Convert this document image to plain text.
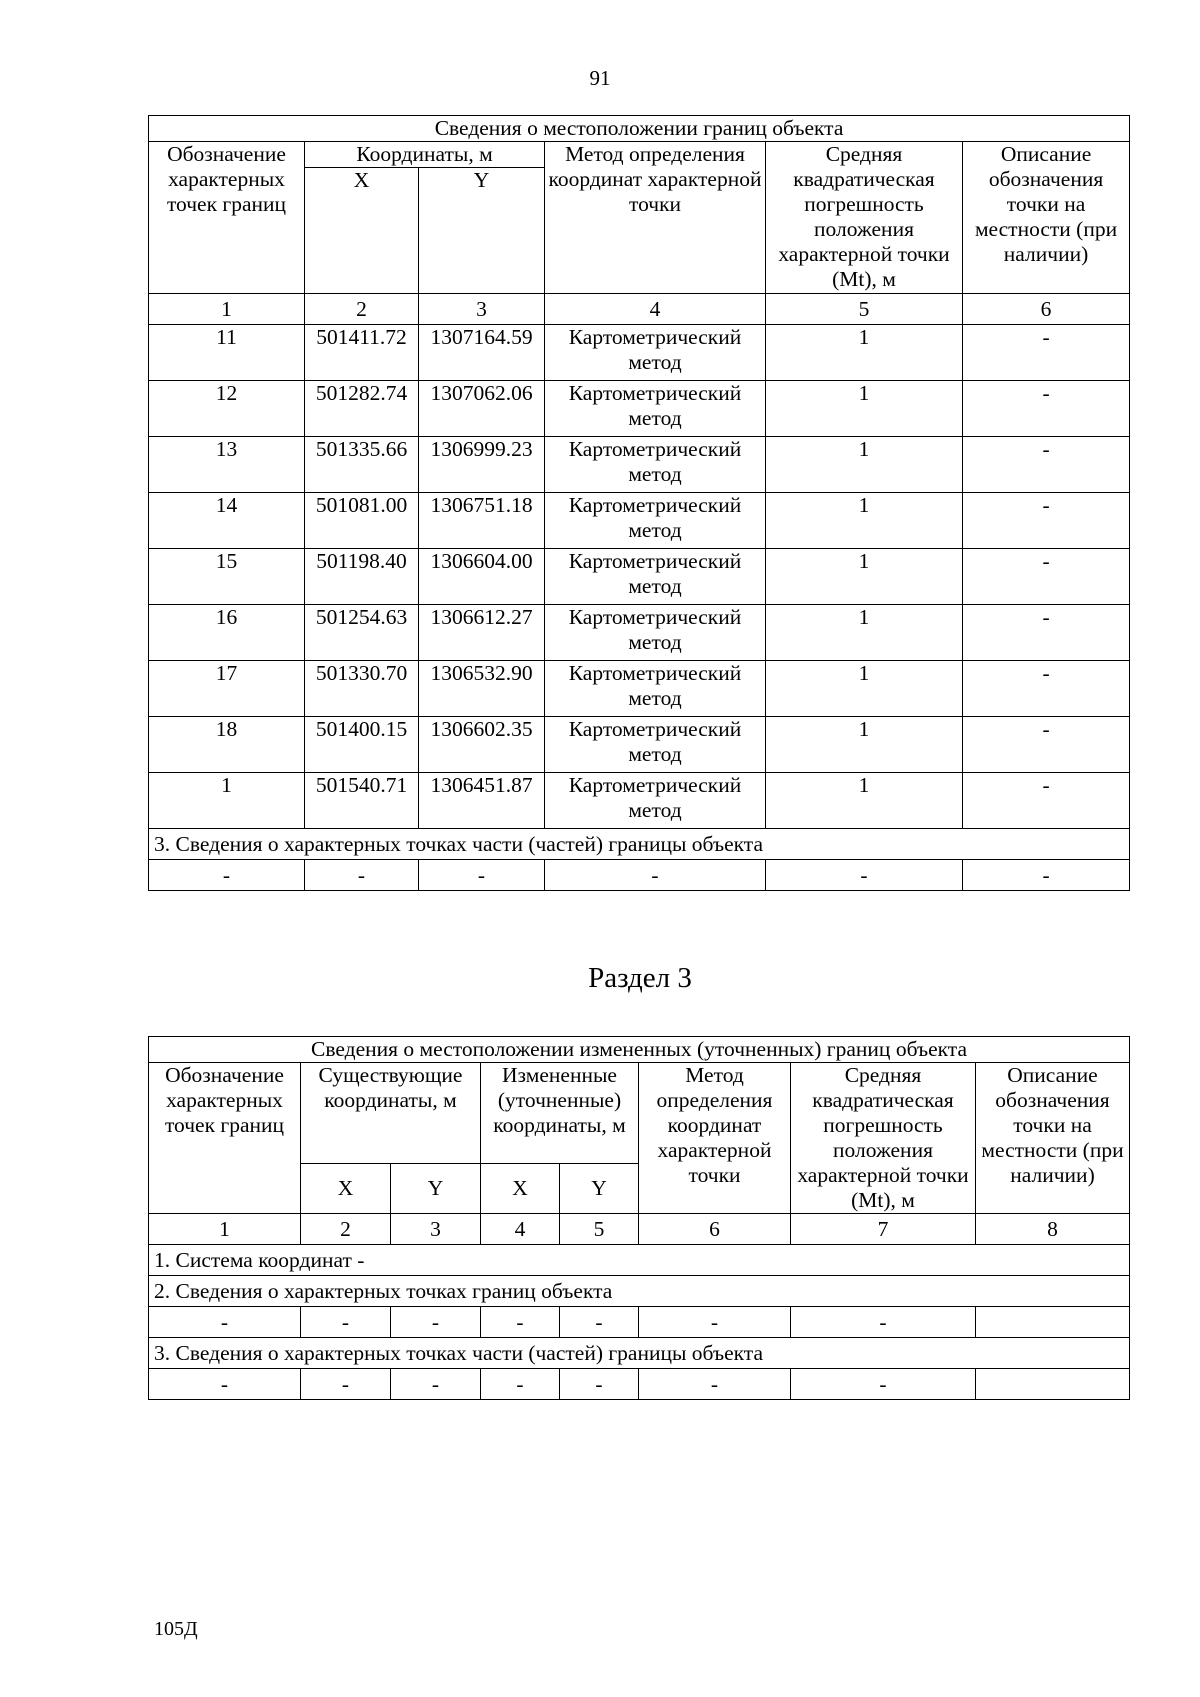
91
Сведения о местоположении границ объекта					
Обозначение характерных точек границ	Координаты, м		Метод определения координат характерной точки	Средняя квадратическая погрешность положения характерной точки (Mt), м	Описание обозначения точки на местности (при наличии)
	X	Y			
1	2	3	4	5	6
11	501411.72	1307164.59	Картометрический метод	1	-
12	501282.74	1307062.06	Картометрический метод	1	-
13	501335.66	1306999.23	Картометрический метод	1	-
14	501081.00	1306751.18	Картометрический метод	1	-
15	501198.40	1306604.00	Картометрический метод	1	-
16	501254.63	1306612.27	Картометрический метод	1	-
17	501330.70	1306532.90	Картометрический метод	1	-
18	501400.15	1306602.35	Картометрический метод	1	-
1	501540.71	1306451.87	Картометрический метод	1	-
3. Сведения о характерных точках части (частей) границы объекта					
-	-	-	-	-	-
Раздел 3
Сведения о местоположении измененных (уточненных) границ объекта							
Обозначение характерных точек границ	Существующие координаты, м		Измененные (уточненные) координаты, м		Метод определения координат характерной точки	Средняя квадратическая погрешность положения характерной точки (Mt), м	Описание обозначения точки на местности (при наличии)
	X	Y	X	Y			
1	2	3	4	5	6	7	8
1. Система координат -							
2. Сведения о характерных точках границ объекта							
-	-	-	-	-	-	-	
3. Сведения о характерных точках части (частей) границы объекта							
-	-	-	-	-	-	-	
105Д
